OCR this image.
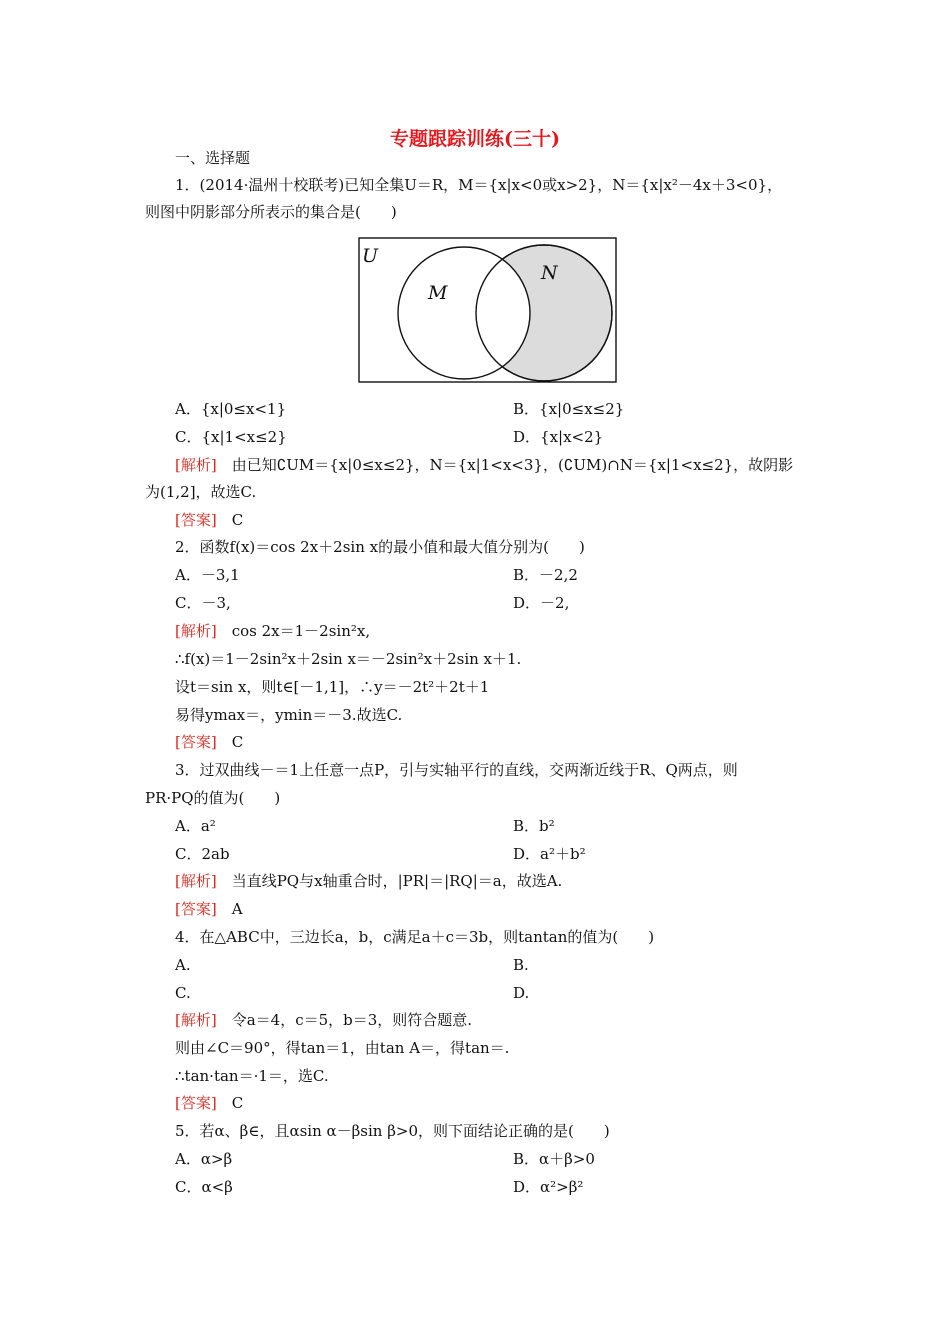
专题跟踪训练(三十)
一、选择题
1．(2014·温州十校联考)已知全集U＝R，M＝{x|x<0或x>2}，N＝{x|x²－4x＋3<0}，
则图中阴影部分所表示的集合是(　　)
U
M
N
A．{x|0≤x<1}	B．{x|0≤x≤2}
C．{x|1<x≤2}	D．{x|x<2}
[解析]　由已知∁UM＝{x|0≤x≤2}，N＝{x|1<x<3}，(∁UM)∩N＝{x|1<x≤2}，故阴影
为(1,2]，故选C.
[答案]　C
2．函数f(x)＝cos 2x＋2sin x的最小值和最大值分别为(　　)
A．－3,1	B．－2,2
C．－3,	D．－2,
[解析]　cos 2x＝1－2sin²x,
∴f(x)＝1－2sin²x＋2sin x＝－2sin²x＋2sin x＋1.
设t＝sin x，则t∈[－1,1]，∴y＝－2t²＋2t＋1
易得ymax＝，ymin＝－3.故选C.
[答案]　C
3．过双曲线－＝1上任意一点P，引与实轴平行的直线，交两渐近线于R、Q两点，则
PR·PQ的值为(　　)
A．a²	B．b²
C．2ab	D．a²＋b²
[解析]　当直线PQ与x轴重合时，|PR|＝|RQ|＝a，故选A.
[答案]　A
4．在△ABC中，三边长a，b，c满足a＋c＝3b，则tantan的值为(　　)
A.	B.
C.	D.
[解析]　令a＝4，c＝5，b＝3，则符合题意.
则由∠C＝90°，得tan＝1，由tan A＝，得tan＝.
∴tan·tan＝·1＝，选C.
[答案]　C
5．若α、β∈，且αsin α－βsin β>0，则下面结论正确的是(　　)
A．α>β	B．α＋β>0
C．α<β	D．α²>β²
